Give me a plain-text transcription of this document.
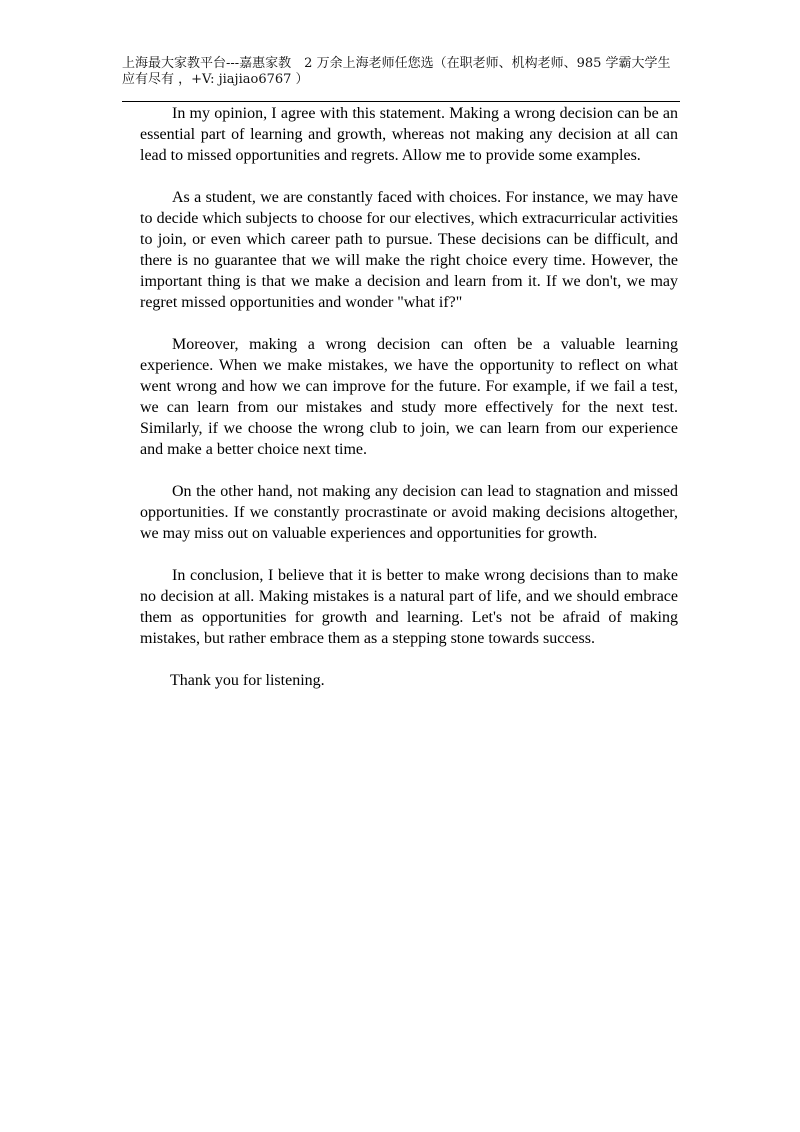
上海最大家教平台---嘉惠家教　2 万余上海老师任您选（在职老师、机构老师、985 学霸大学生应有尽有 ，+V: jiajiao6767 ）

In my opinion, I agree with this statement. Making a wrong decision can be an essential part of learning and growth, whereas not making any decision at all can lead to missed opportunities and regrets. Allow me to provide some examples.

As a student, we are constantly faced with choices. For instance, we may have to decide which subjects to choose for our electives, which extracurricular activities to join, or even which career path to pursue. These decisions can be difficult, and there is no guarantee that we will make the right choice every time. However, the important thing is that we make a decision and learn from it. If we don't, we may regret missed opportunities and wonder "what if?"

Moreover, making a wrong decision can often be a valuable learning experience. When we make mistakes, we have the opportunity to reflect on what went wrong and how we can improve for the future. For example, if we fail a test, we can learn from our mistakes and study more effectively for the next test. Similarly, if we choose the wrong club to join, we can learn from our experience and make a better choice next time.

On the other hand, not making any decision can lead to stagnation and missed opportunities. If we constantly procrastinate or avoid making decisions altogether, we may miss out on valuable experiences and opportunities for growth.

In conclusion, I believe that it is better to make wrong decisions than to make no decision at all. Making mistakes is a natural part of life, and we should embrace them as opportunities for growth and learning. Let's not be afraid of making mistakes, but rather embrace them as a stepping stone towards success.

Thank you for listening.
